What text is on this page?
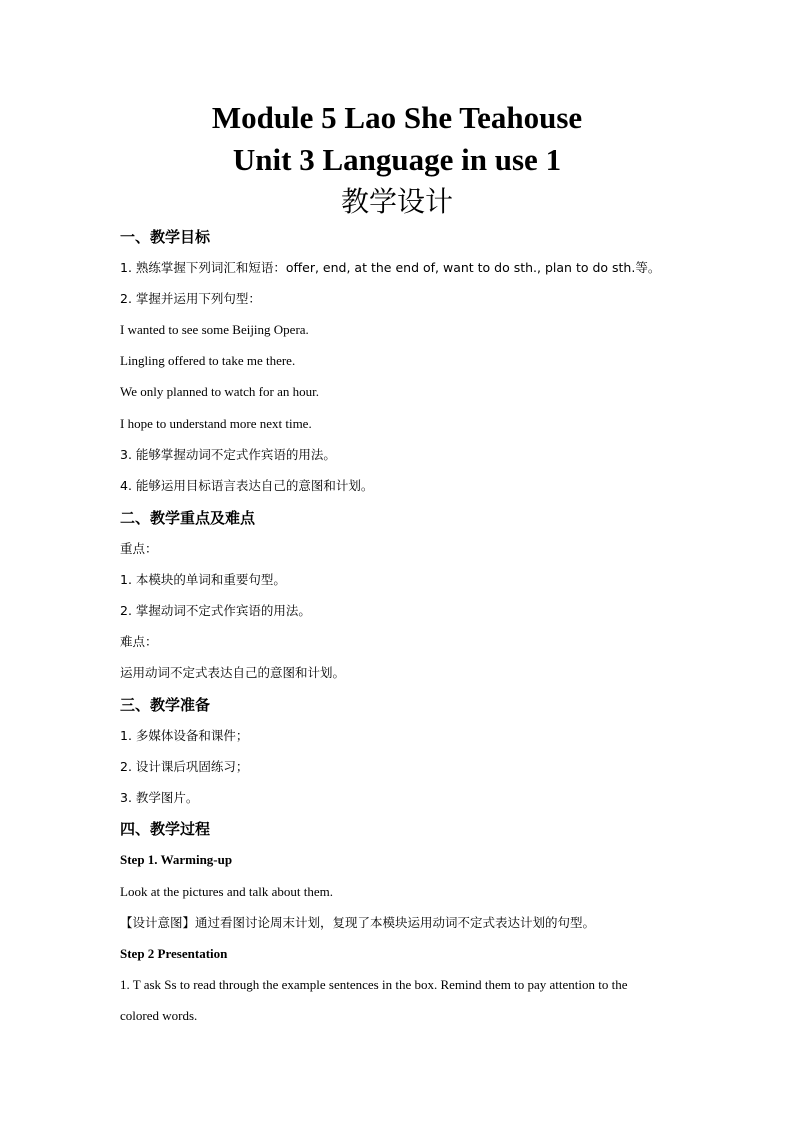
Module 5 Lao She Teahouse
Unit 3 Language in use 1
教学设计
一、教学目标
1. 熟练掌握下列词汇和短语：offer, end, at the end of, want to do sth., plan to do sth.等。
2. 掌握并运用下列句型：
I wanted to see some Beijing Opera.
Lingling offered to take me there.
We only planned to watch for an hour.
I hope to understand more next time.
3. 能够掌握动词不定式作宾语的用法。
4. 能够运用目标语言表达自己的意图和计划。
二、教学重点及难点
重点：
1. 本模块的单词和重要句型。
2. 掌握动词不定式作宾语的用法。
难点：
运用动词不定式表达自己的意图和计划。
三、教学准备
1. 多媒体设备和课件；
2. 设计课后巩固练习；
3. 教学图片。
四、教学过程
Step 1. Warming-up
Look at the pictures and talk about them.
【设计意图】通过看图讨论周末计划，复现了本模块运用动词不定式表达计划的句型。
Step 2 Presentation
1. T ask Ss to read through the example sentences in the box. Remind them to pay attention to the
colored words.
